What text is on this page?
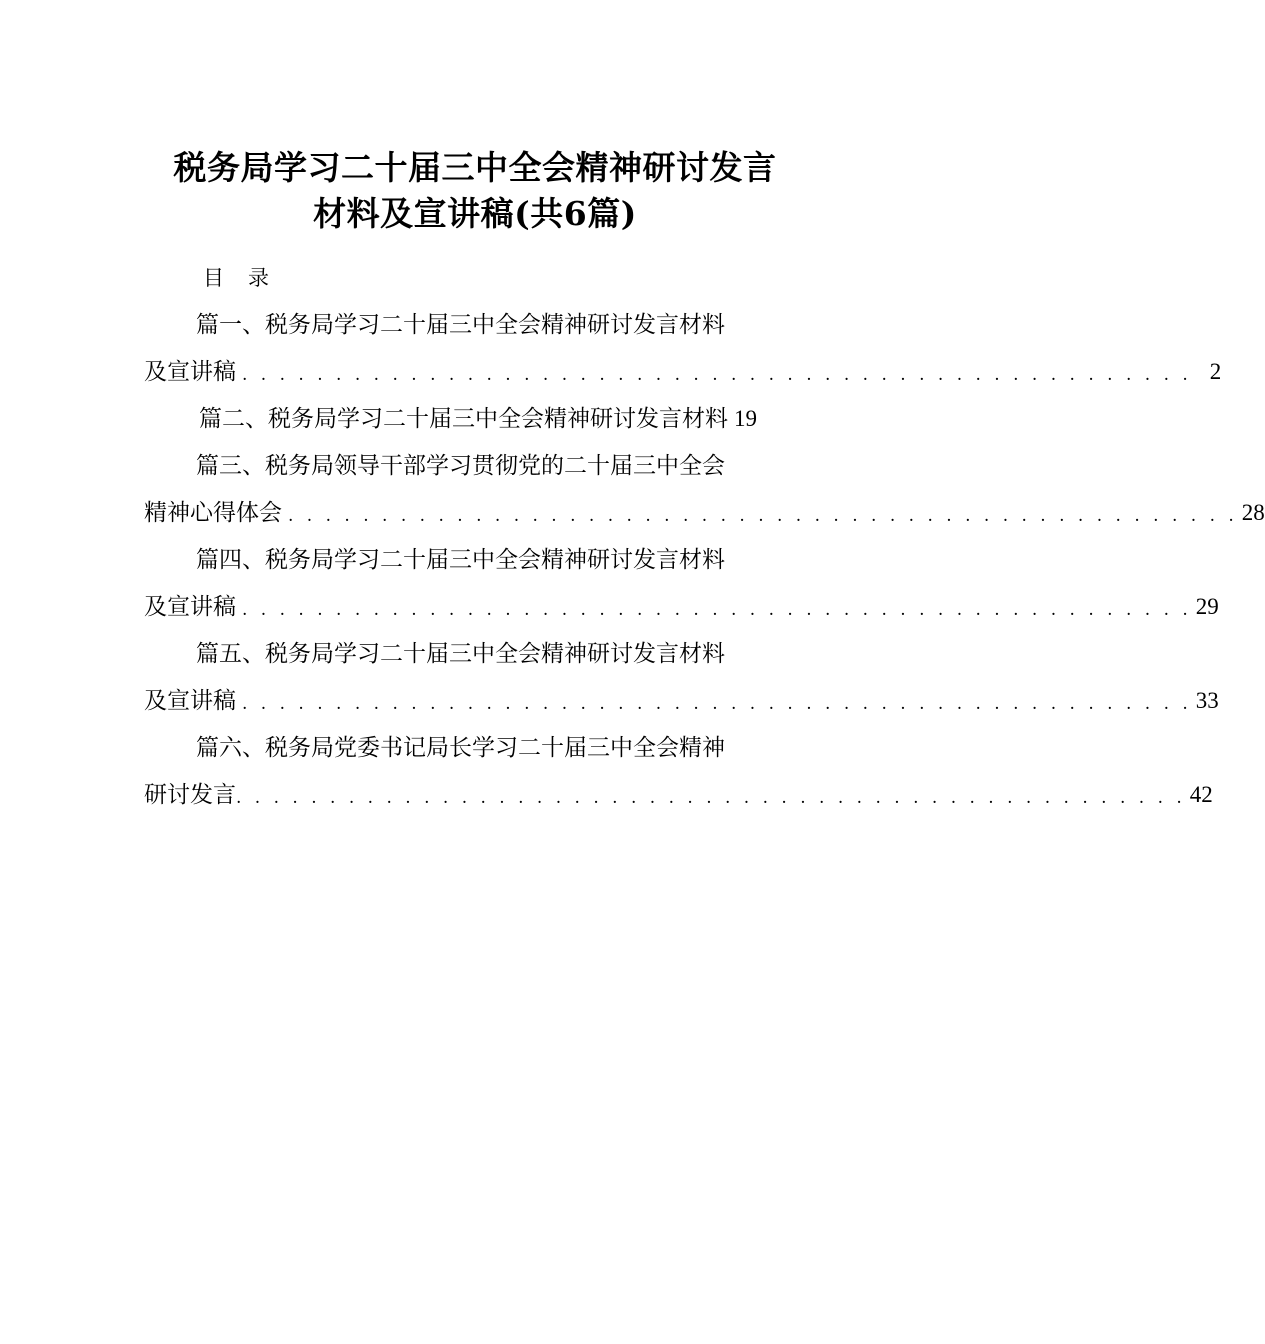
税务局学习二十届三中全会精神研讨发言
材料及宣讲稿(共6篇)
目 录
篇一、税务局学习二十届三中全会精神研讨发言材料
及宣讲稿 . . . . . . . . . . . . . . . . . . . . . . . . . . . . . . . . . . . . . . . . . . . . . . . . . . . 2
篇二、税务局学习二十届三中全会精神研讨发言材料 19
篇三、税务局领导干部学习贯彻党的二十届三中全会
精神心得体会 . . . . . . . . . . . . . . . . . . . . . . . . . . . . . . . . . . . . . . . . . . . . . . . . . . . 28
篇四、税务局学习二十届三中全会精神研讨发言材料
及宣讲稿 . . . . . . . . . . . . . . . . . . . . . . . . . . . . . . . . . . . . . . . . . . . . . . . . . . . 29
篇五、税务局学习二十届三中全会精神研讨发言材料
及宣讲稿 . . . . . . . . . . . . . . . . . . . . . . . . . . . . . . . . . . . . . . . . . . . . . . . . . . . 33
篇六、税务局党委书记局长学习二十届三中全会精神
研讨发言 . . . . . . . . . . . . . . . . . . . . . . . . . . . . . . . . . . . . . . . . . . . . . . . . . . . 42
